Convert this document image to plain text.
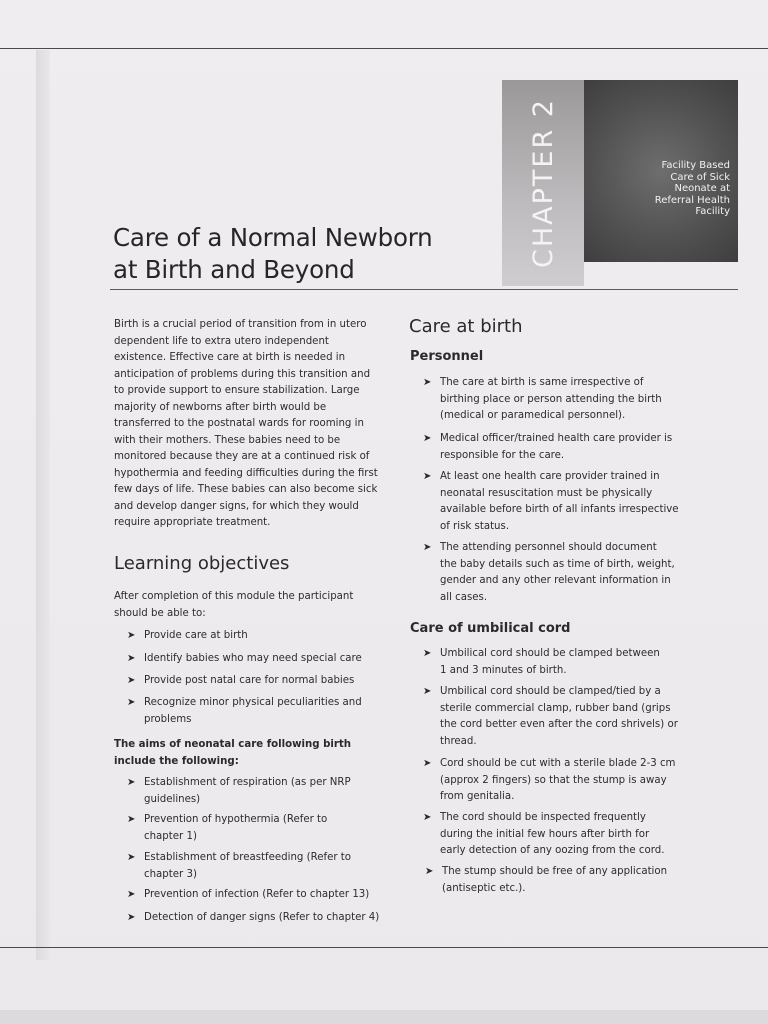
CHAPTER 2	Facility Based
Care of Sick
Neonate at
Referral Health
Facility
Care of a Normal Newborn
at Birth and Beyond
Birth is a crucial period of transition from in utero
dependent life to extra utero independent
existence. Effective care at birth is needed in
anticipation of problems during this transition and
to provide support to ensure stabilization. Large
majority of newborns after birth would be
transferred to the postnatal wards for rooming in
with their mothers. These babies need to be
monitored because they are at a continued risk of
hypothermia and feeding difficulties during the first
few days of life. These babies can also become sick
and develop danger signs, for which they would
require appropriate treatment.
Learning objectives
After completion of this module the participant
should be able to:
➤ Provide care at birth
➤ Identify babies who may need special care
➤ Provide post natal care for normal babies
➤ Recognize minor physical peculiarities and
problems
The aims of neonatal care following birth
include the following:
➤ Establishment of respiration (as per NRP
guidelines)
➤ Prevention of hypothermia (Refer to
chapter 1)
➤ Establishment of breastfeeding (Refer to
chapter 3)
➤ Prevention of infection (Refer to chapter 13)
➤ Detection of danger signs (Refer to chapter 4)
Care at birth
Personnel
➤ The care at birth is same irrespective of
birthing place or person attending the birth
(medical or paramedical personnel).
➤ Medical officer/trained health care provider is
responsible for the care.
➤ At least one health care provider trained in
neonatal resuscitation must be physically
available before birth of all infants irrespective
of risk status.
➤ The attending personnel should document
the baby details such as time of birth, weight,
gender and any other relevant information in
all cases.
Care of umbilical cord
➤ Umbilical cord should be clamped between
1 and 3 minutes of birth.
➤ Umbilical cord should be clamped/tied by a
sterile commercial clamp, rubber band (grips
the cord better even after the cord shrivels) or
thread.
➤ Cord should be cut with a sterile blade 2-3 cm
(approx 2 fingers) so that the stump is away
from genitalia.
➤ The cord should be inspected frequently
during the initial few hours after birth for
early detection of any oozing from the cord.
➤ The stump should be free of any application
(antiseptic etc.).
